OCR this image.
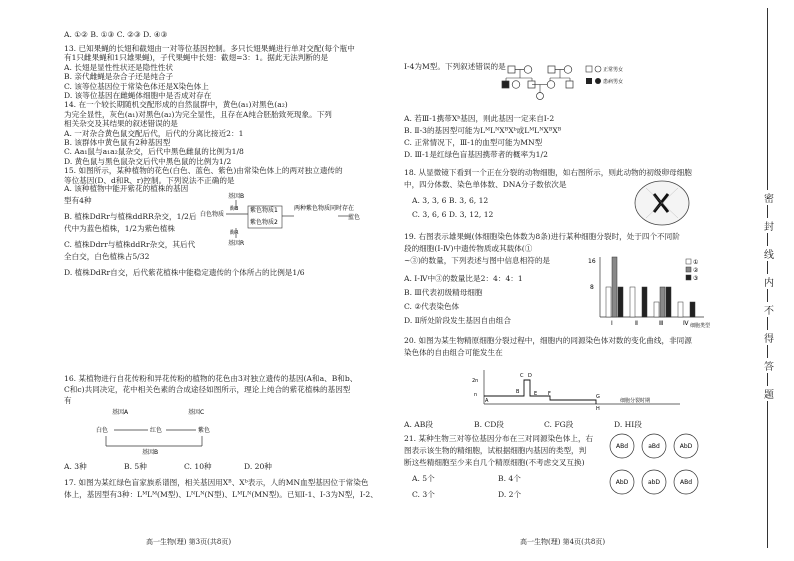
A. ①② B. ①③ C. ②③ D. ④③
13. 已知果蝇的长翅和截翅由一对等位基因控制。多只长翅果蝇进行单对交配(每个瓶中
有1只雌果蝇和1只雄果蝇)，子代果蝇中长翅：截翅=3：1。据此无法判断的是
A. 长翅是显性性状还是隐性性状
B. 亲代雌蝇是杂合子还是纯合子
C. 该等位基因位于常染色体还是X染色体上
D. 该等位基因在雌蝇体细胞中是否成对存在
14. 在一个较长期随机交配形成的自然鼠群中，黄色(a₁)对黑色(a₂)
为完全显性，灰色(a₁)对黑色(a₂)为完全显性，且存在A纯合胚胎致死现象。下列
相关杂交及其结果的叙述错误的是
A. 一对杂合黄色鼠交配后代，后代的分离比接近2：1
B. 该群体中黄色鼠有2种基因型
C. Aa₁鼠与a₁a₂鼠杂交，后代中黑色雌鼠的比例为1/8
D. 黄色鼠与黑色鼠杂交后代中黑色鼠的比例为1/2
15. 如图所示，某种植物的花色(白色、蓝色、紫色)由常染色体上的两对独立遗传的
等位基因(D、d和R、r)控制。下列说法不正确的是
A. 该种植物中能开紫花的植株的基因
型有4种
B. 植株DdRr与植株ddRR杂交，1/2后
代中为蓝色植株，1/2为紫色植株
C. 植株Ddrr与植株ddRr杂交，其后代
全白交，白色植株占5/32
D. 植株DdRr自交，后代紫花植株中能稳定遗传的个体所占的比例是1/6
基因B
白色物质
酶B 紫色物质1
紫色物质2
两种紫色物质同时存在
蓝色
酶R
基因R
16. 某植物进行自花传粉和异花传粉的植物的花色由3对独立遗传的基因(A和a、B和b、
C和c)共同决定，花中相关色素的合成途径如图所示，理论上纯合的紫花植株的基因型
有
基因A	基因C
白色	红色	紫色
基因B
A. 3种	B. 5种	C. 10种	D. 20种
17. 如图为某红绿色盲家族系谱图，相关基因用Xᴮ、Xᵇ表示，人的MN血型基因位于常染色
体上，基因型有3种：LᴹLᴹ(M型)、LᴺLᴺ(N型)、LᴹLᴺ(MN型)。已知Ⅰ-1、Ⅰ-3为N型，Ⅰ-2、
高一生物(理) 第3页(共8页)
Ⅰ-4为M型。下列叙述错误的是	正常男女
患病男女
A. 若Ⅲ-1携带Xᵇ基因，则此基因一定来自Ⅰ-2
B. Ⅱ-3的基因型可能为LᴹLᴺXᴮXᵇ或LᴹLᴺXᴮXᴮ
C. 正常情况下，Ⅲ-1的血型可能为MN型
D. Ⅲ-1是红绿色盲基因携带者的概率为1/2
18. 从显微镜下看到一个正在分裂的动物细胞，如右图所示，则此动物的初级卵母细胞
中，四分体数、染色单体数、DNA分子数依次是
A. 3, 3, 6 B. 3, 6, 12
C. 3, 6, 6 D. 3, 12, 12
19. 右图表示雄果蝇(体细胞染色体数为8条)进行某种细胞分裂时，处于四个不同阶
段的细胞(Ⅰ-Ⅳ)中遗传物质或其载体(①
~③)的数量，下列表述与图中信息相符的是
A. Ⅰ-Ⅳ中③的数量比是2：4：4：1
B. Ⅲ代表初级精母细胞
C. ②代表染色体
D. Ⅱ所处阶段发生基因自由组合
20. 如图为某生物精原细胞分裂过程中，细胞内的同源染色体对数的变化曲线，非同源
染色体的自由组合可能发生在
16
8
Ⅰ	Ⅱ	Ⅲ	Ⅳ 细胞类型
①
②
③
2n
n
A
B
C D
E F	G
H
细胞分裂时期
A. AB段	B. CD段	C. FG段	D. HI段
21. 某种生物三对等位基因分布在三对同源染色体上，右
图表示该生物的精细胞，试根据细胞内基因的类型，判
断这些精细胞至少来自几个精原细胞(不考虑交叉互换)
A. 5个	B. 4个
C. 3个	D. 2个
ABd	aBd	AbD
AbD	abD	ABd
高一生物(理) 第4页(共8页)
密
封
线
内
不
得
答
题
